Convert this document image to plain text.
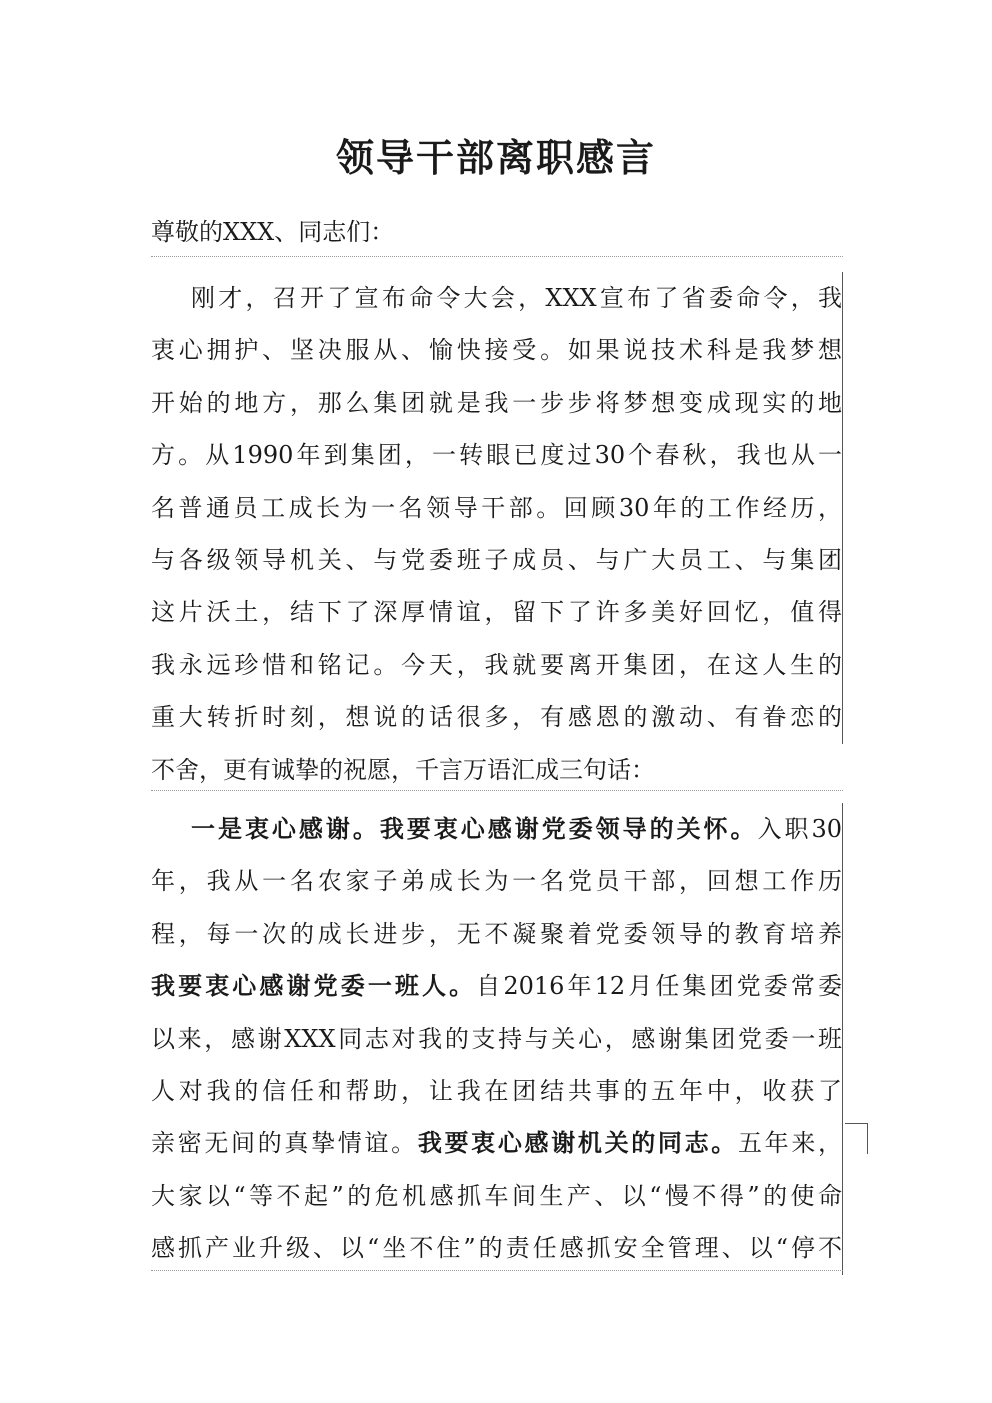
领导干部离职感言
尊敬的XXX、同志们：
刚才，召开了宣布命令大会，XXX宣布了省委命令，我
衷心拥护、坚决服从、愉快接受。如果说技术科是我梦想
开始的地方，那么集团就是我一步步将梦想变成现实的地
方。从1990年到集团，一转眼已度过30个春秋，我也从一
名普通员工成长为一名领导干部。回顾30年的工作经历，
与各级领导机关、与党委班子成员、与广大员工、与集团
这片沃土，结下了深厚情谊，留下了许多美好回忆，值得
我永远珍惜和铭记。今天，我就要离开集团，在这人生的
重大转折时刻，想说的话很多，有感恩的激动、有眷恋的
不舍，更有诚挚的祝愿，千言万语汇成三句话：
一是衷心感谢。我要衷心感谢党委领导的关怀。入职30
年，我从一名农家子弟成长为一名党员干部，回想工作历
程，每一次的成长进步，无不凝聚着党委领导的教育培养
我要衷心感谢党委一班人。自2016年12月任集团党委常委
以来，感谢XXX同志对我的支持与关心，感谢集团党委一班
人对我的信任和帮助，让我在团结共事的五年中，收获了
亲密无间的真挚情谊。我要衷心感谢机关的同志。五年来，
大家以“等不起”的危机感抓车间生产、以“慢不得”的使命
感抓产业升级、以“坐不住”的责任感抓安全管理、以“停不
